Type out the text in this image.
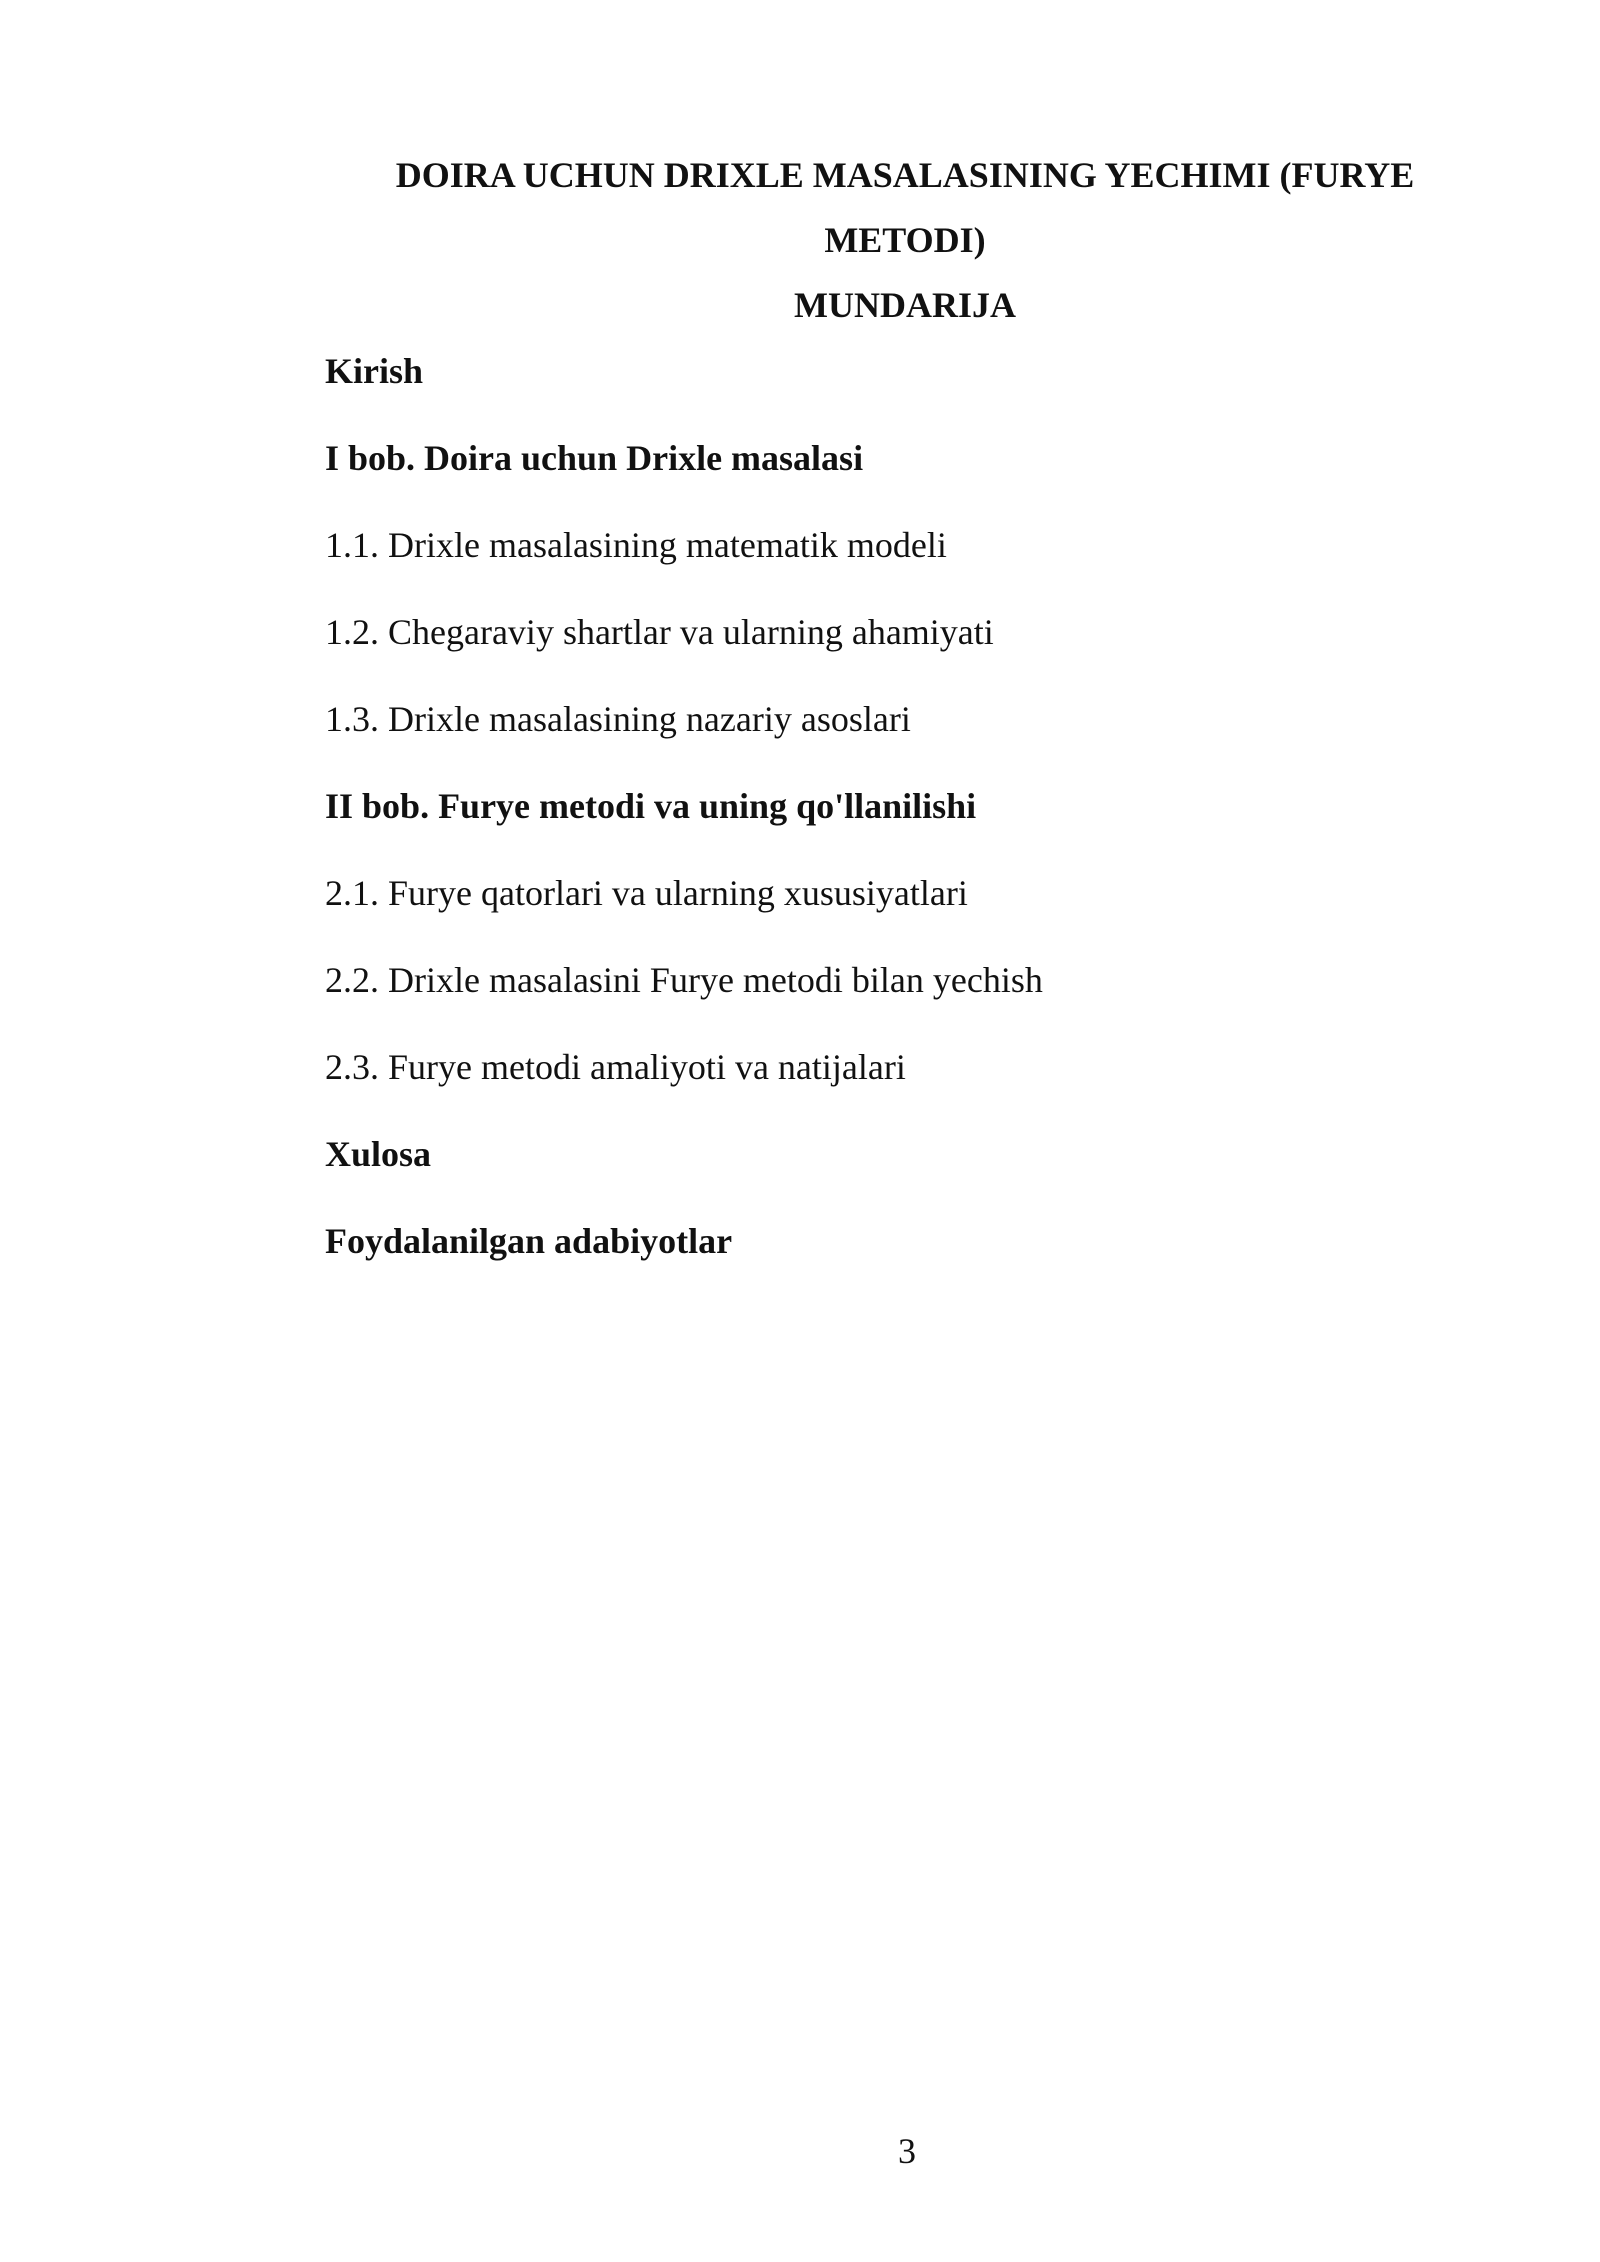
DOIRA UCHUN DRIXLE MASALASINING YECHIMI (FURYE METODI)
MUNDARIJA

Kirish

I bob. Doira uchun Drixle masalasi

1.1. Drixle masalasining matematik modeli

1.2. Chegaraviy shartlar va ularning ahamiyati

1.3. Drixle masalasining nazariy asoslari

II bob. Furye metodi va uning qo'llanilishi

2.1. Furye qatorlari va ularning xususiyatlari

2.2. Drixle masalasini Furye metodi bilan yechish

2.3. Furye metodi amaliyoti va natijalari

Xulosa

Foydalanilgan adabiyotlar

3
